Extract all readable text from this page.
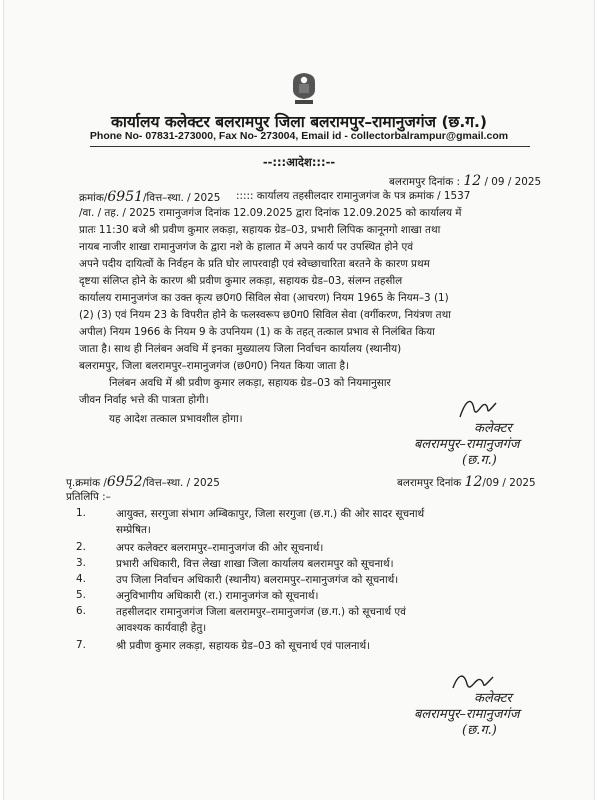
कार्यालय कलेक्टर बलरामपुर जिला बलरामपुर–रामानुजगंज (छ.ग.)
Phone No- 07831-273000, Fax No- 273004, Email id - collectorbalrampur@gmail.com
--:::आदेश:::--
बलरामपुर दिनांक : 12 / 09 / 2025
क्रमांक/6951/वित्त–स्था. / 2025 ::::: कार्यालय तहसीलदार रामानुजगंज के पत्र क्रमांक / 1537
/वा. / तह. / 2025 रामानुजगंज दिनांक 12.09.2025 द्वारा दिनांक 12.09.2025 को कार्यालय में
प्रातः 11:30 बजे श्री प्रवीण कुमार लकड़ा, सहायक ग्रेड–03, प्रभारी लिपिक कानूनगो शाखा तथा
नायब नाजीर शाखा रामानुजगंज के द्वारा नशे के हालात में अपने कार्य पर उपस्थित होने एवं
अपने पदीय दायित्वों के निर्वहन के प्रति घोर लापरवाही एवं स्वेच्छाचारिता बरतने के कारण प्रथम
दृष्टया संलिप्त होने के कारण श्री प्रवीण कुमार लकड़ा, सहायक ग्रेड–03, संलग्न तहसील
कार्यालय रामानुजगंज का उक्त कृत्य छ0ग0 सिविल सेवा (आचरण) नियम 1965 के नियम–3 (1)
(2) (3) एवं नियम 23 के विपरीत होने के फलस्वरूप छ0ग0 सिविल सेवा (वर्गीकरण, नियंत्रण तथा
अपील) नियम 1966 के नियम 9 के उपनियम (1) क के तहत् तत्काल प्रभाव से निलंबित किया
जाता है। साथ ही निलंबन अवधि में इनका मुख्यालय जिला निर्वाचन कार्यालय (स्थानीय)
बलरामपुर, जिला बलरामपुर–रामानुजगंज (छ0ग0) नियत किया जाता है।
निलंबन अवधि में श्री प्रवीण कुमार लकड़ा, सहायक ग्रेड–03 को नियमानुसार
जीवन निर्वाह भत्ते की पात्रता होगी।
यह आदेश तत्काल प्रभावशील होगा।
कलेक्टर
बलरामपुर–रामानुजगंज
(छ.ग.)
पृ.क्रमांक /6952/वित्त–स्था. / 2025	बलरामपुर दिनांक 12/09 / 2025
प्रतिलिपि :–
1.	आयुक्त, सरगुजा संभाग अम्बिकापुर, जिला सरगुजा (छ.ग.) की ओर सादर सूचनार्थ
सम्प्रेषित।
2.	अपर कलेक्टर बलरामपुर–रामानुजगंज की ओर सूचनार्थ।
3.	प्रभारी अधिकारी, वित्त लेखा शाखा जिला कार्यालय बलरामपुर को सूचनार्थ।
4.	उप जिला निर्वाचन अधिकारी (स्थानीय) बलरामपुर–रामानुजगंज को सूचनार्थ।
5.	अनुविभागीय अधिकारी (रा.) रामानुजगंज को सूचनार्थ।
6.	तहसीलदार रामानुजगंज जिला बलरामपुर–रामानुजगंज (छ.ग.) को सूचनार्थ एवं
आवश्यक कार्यवाही हेतु।
7.	श्री प्रवीण कुमार लकड़ा, सहायक ग्रेड–03 को सूचनार्थ एवं पालनार्थ।
कलेक्टर
बलरामपुर–रामानुजगंज
(छ.ग.)
